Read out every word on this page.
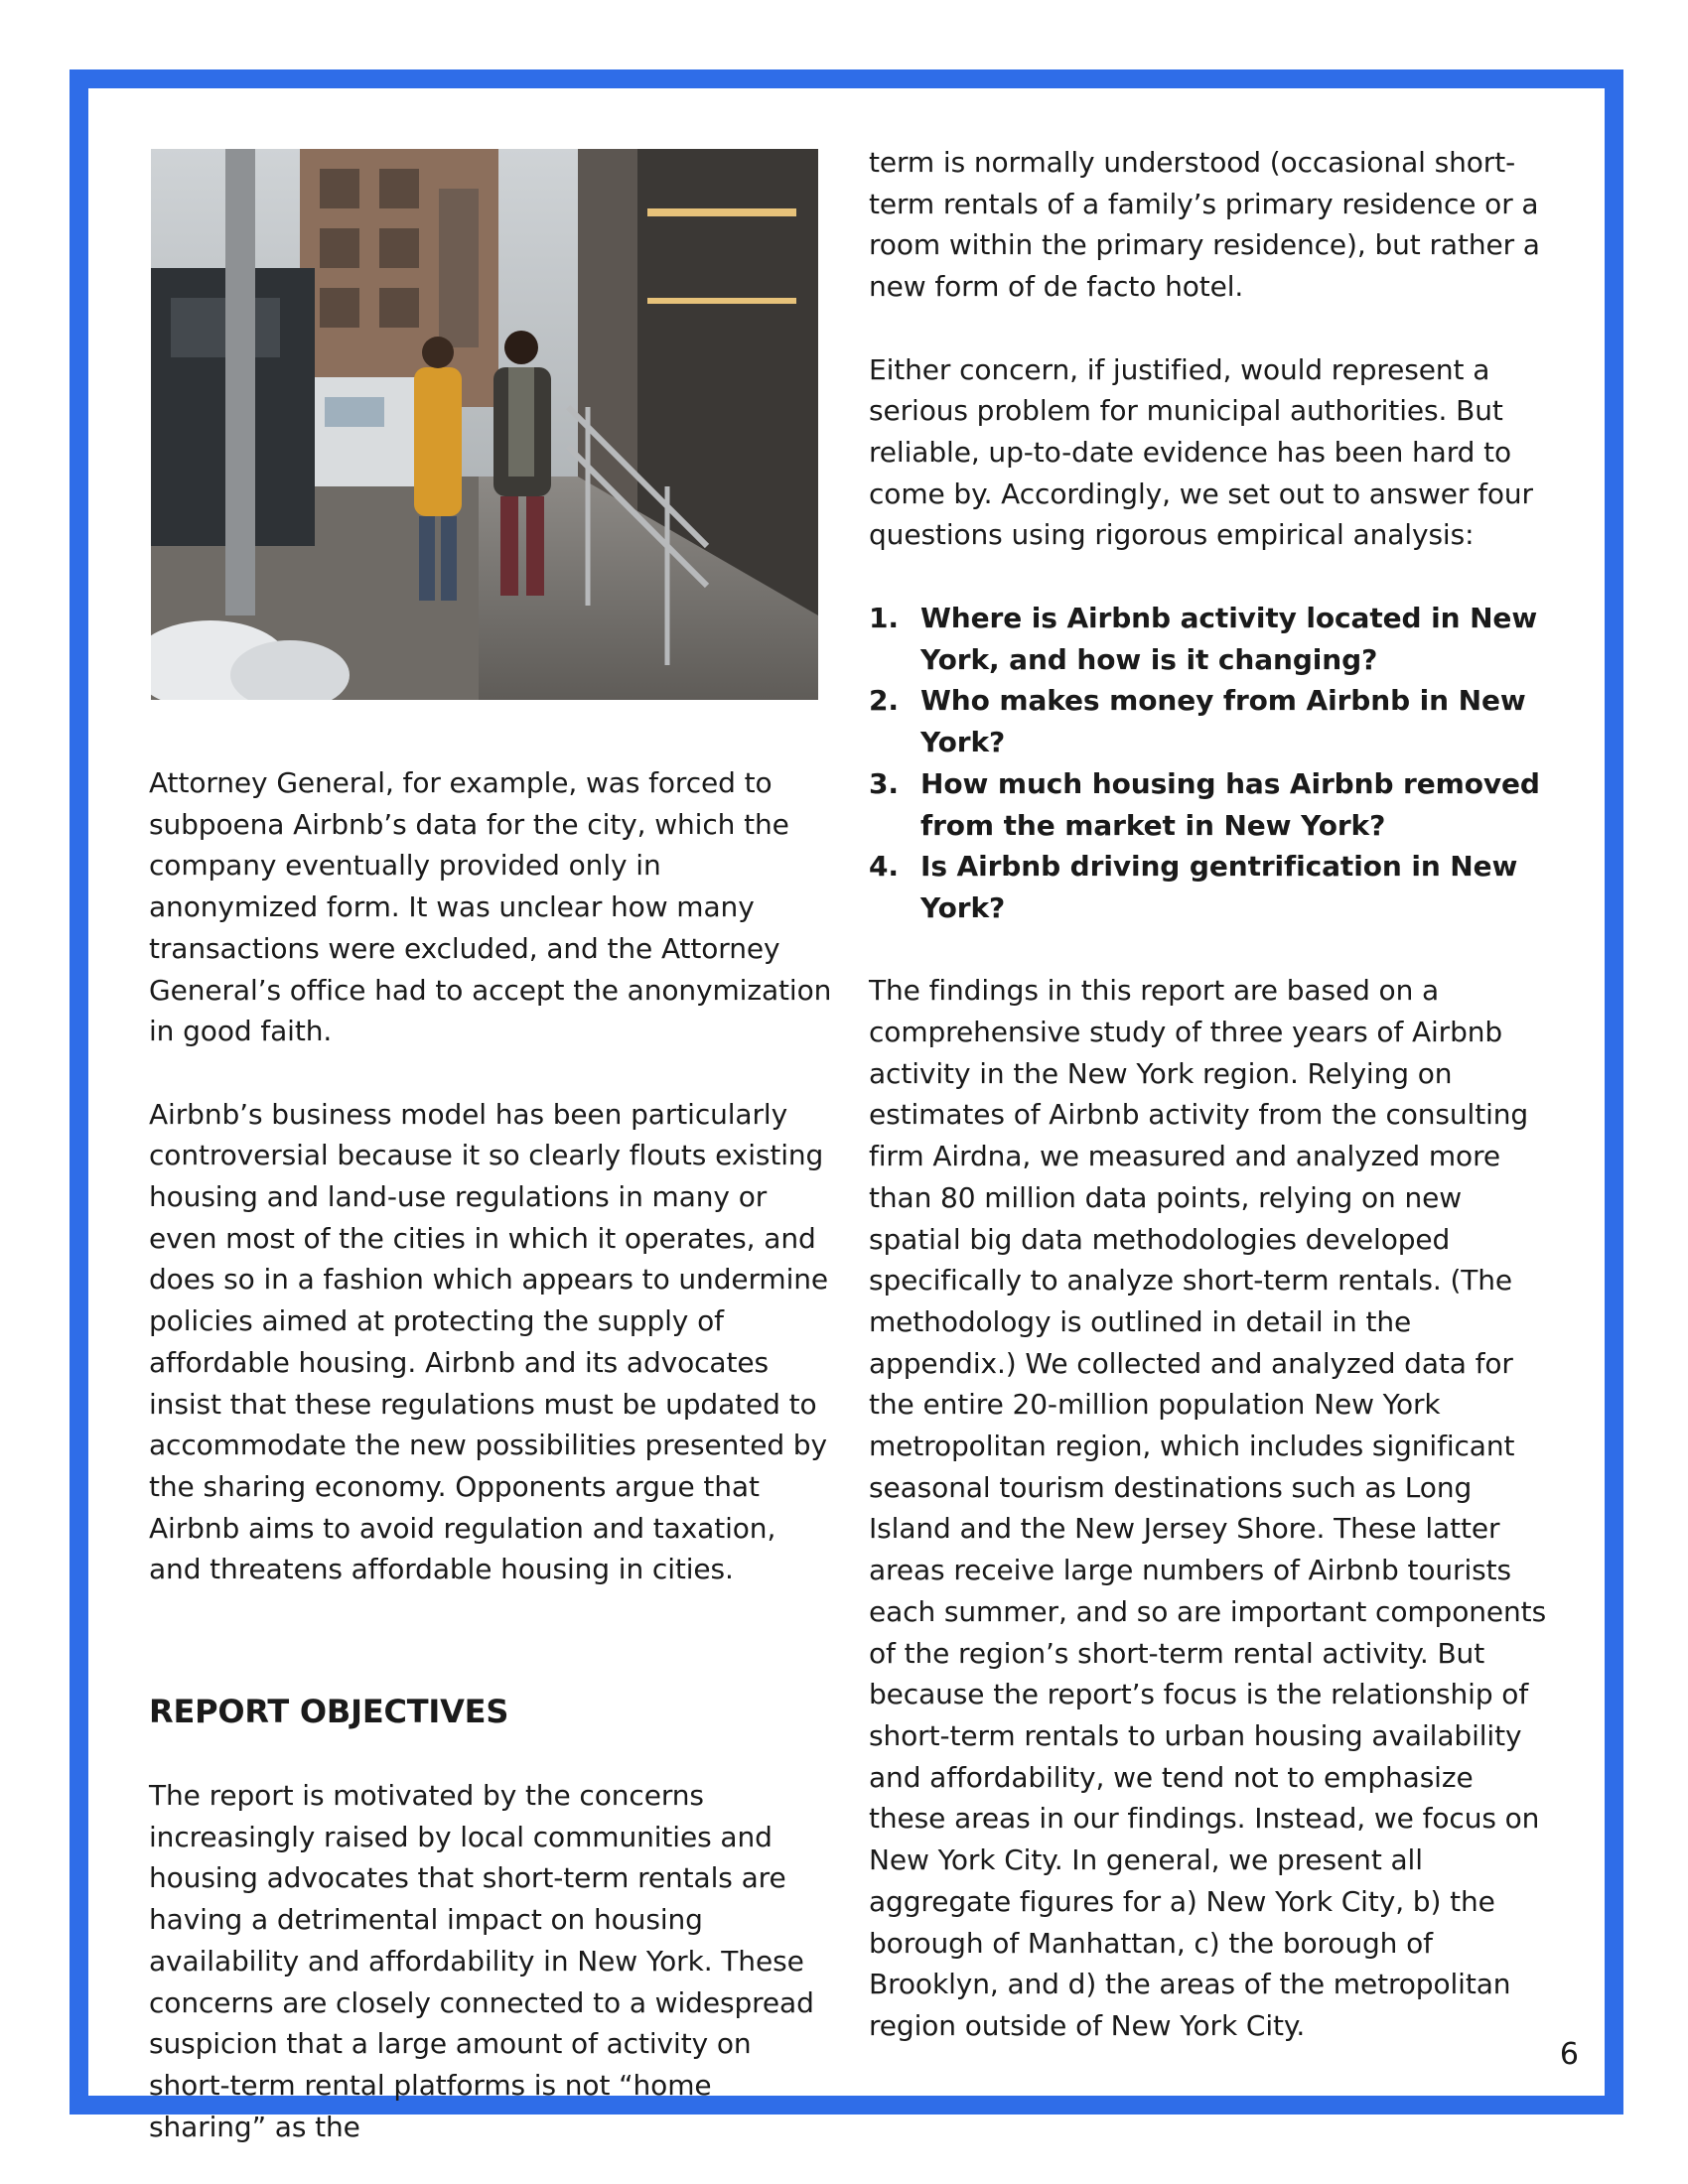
Attorney General, for example, was forced to subpoena Airbnb’s data for the city, which the company eventually provided only in anonymized form. It was unclear how many transactions were excluded, and the Attorney General’s office had to accept the anonymization in good faith.

Airbnb’s business model has been particularly controversial because it so clearly flouts existing housing and land-use regulations in many or even most of the cities in which it operates, and does so in a fashion which appears to undermine policies aimed at protecting the supply of affordable housing. Airbnb and its advocates insist that these regulations must be updated to accommodate the new possibilities presented by the sharing economy. Opponents argue that Airbnb aims to avoid regulation and taxation, and threatens affordable housing in cities.

REPORT OBJECTIVES

The report is motivated by the concerns increasingly raised by local communities and housing advocates that short-term rentals are having a detrimental impact on housing availability and affordability in New York. These concerns are closely connected to a widespread suspicion that a large amount of activity on short-term rental platforms is not “home sharing” as the

term is normally understood (occasional short-term rentals of a family’s primary residence or a room within the primary residence), but rather a new form of de facto hotel.

Either concern, if justified, would represent a serious problem for municipal authorities. But reliable, up-to-date evidence has been hard to come by. Accordingly, we set out to answer four questions using rigorous empirical analysis:

1. Where is Airbnb activity located in New York, and how is it changing?
2. Who makes money from Airbnb in New York?
3. How much housing has Airbnb removed from the market in New York?
4. Is Airbnb driving gentrification in New York?

The findings in this report are based on a comprehensive study of three years of Airbnb activity in the New York region. Relying on estimates of Airbnb activity from the consulting firm Airdna, we measured and analyzed more than 80 million data points, relying on new spatial big data methodologies developed specifically to analyze short-term rentals. (The methodology is outlined in detail in the appendix.) We collected and analyzed data for the entire 20-million population New York metropolitan region, which includes significant seasonal tourism destinations such as Long Island and the New Jersey Shore. These latter areas receive large numbers of Airbnb tourists each summer, and so are important components of the region’s short-term rental activity. But because the report’s focus is the relationship of short-term rentals to urban housing availability and affordability, we tend not to emphasize these areas in our findings. Instead, we focus on New York City. In general, we present all aggregate figures for a) New York City, b) the borough of Manhattan, c) the borough of Brooklyn, and d) the areas of the metropolitan region outside of New York City.

6
